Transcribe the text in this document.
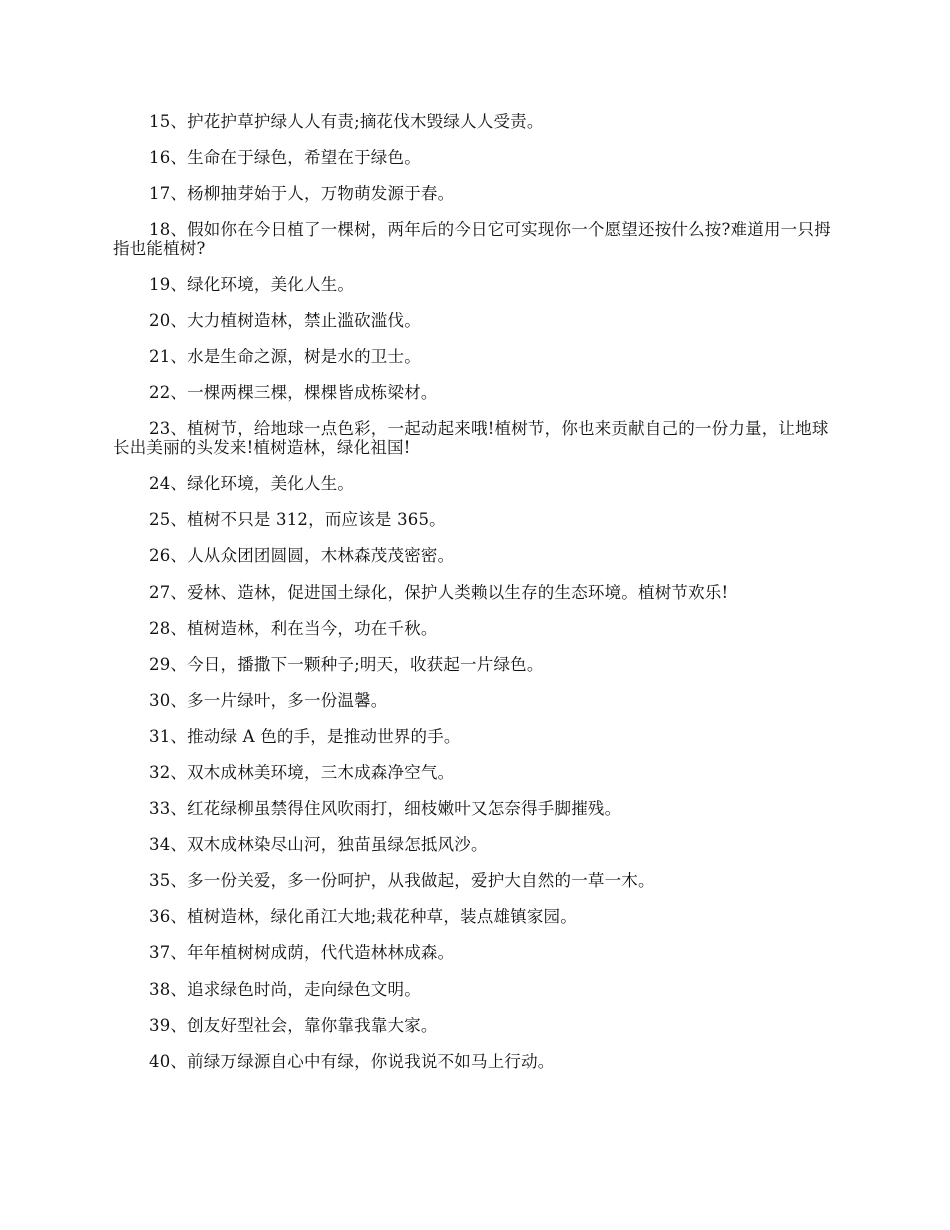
15、护花护草护绿人人有责;摘花伐木毁绿人人受责。

16、生命在于绿色，希望在于绿色。

17、杨柳抽芽始于人，万物萌发源于春。

18、假如你在今日植了一棵树，两年后的今日它可实现你一个愿望还按什么按?难道用一只拇指也能植树?

19、绿化环境，美化人生。

20、大力植树造林，禁止滥砍滥伐。

21、水是生命之源，树是水的卫士。

22、一棵两棵三棵，棵棵皆成栋梁材。

23、植树节，给地球一点色彩，一起动起来哦!植树节，你也来贡献自己的一份力量，让地球长出美丽的头发来!植树造林，绿化祖国!

24、绿化环境，美化人生。

25、植树不只是 312，而应该是 365。

26、人从众团团圆圆，木林森茂茂密密。

27、爱林、造林，促进国土绿化，保护人类赖以生存的生态环境。植树节欢乐!

28、植树造林，利在当今，功在千秋。

29、今日，播撒下一颗种子;明天，收获起一片绿色。

30、多一片绿叶，多一份温馨。

31、推动绿 A 色的手，是推动世界的手。

32、双木成林美环境，三木成森净空气。

33、红花绿柳虽禁得住风吹雨打，细枝嫩叶又怎奈得手脚摧残。

34、双木成林染尽山河，独苗虽绿怎抵风沙。

35、多一份关爱，多一份呵护，从我做起，爱护大自然的一草一木。

36、植树造林，绿化甬江大地;栽花种草，装点雄镇家园。

37、年年植树树成荫，代代造林林成森。

38、追求绿色时尚，走向绿色文明。

39、创友好型社会，靠你靠我靠大家。

40、前绿万绿源自心中有绿，你说我说不如马上行动。
